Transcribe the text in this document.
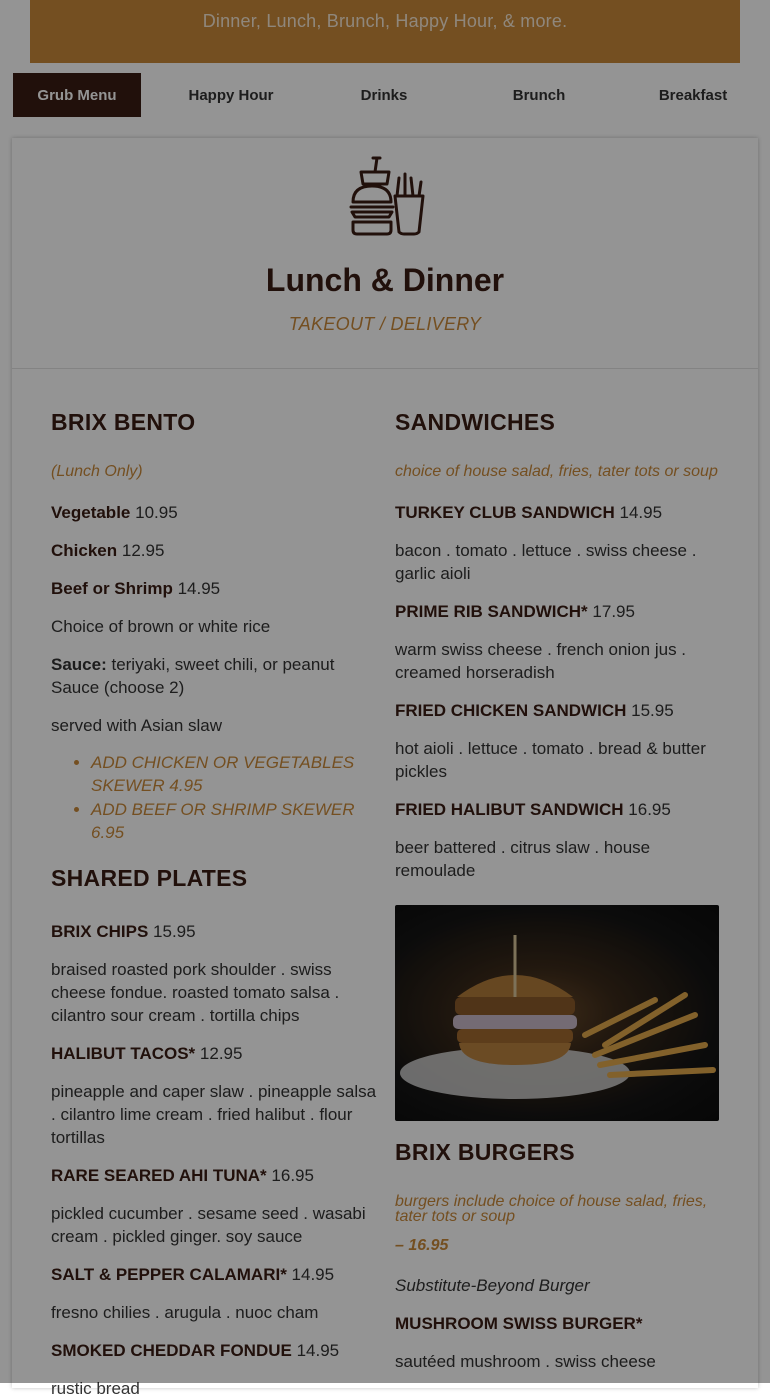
Dinner, Lunch, Brunch, Happy Hour, & more.
Grub Menu	Happy Hour	Drinks	Brunch	Breakfast
Lunch & Dinner
TAKEOUT / DELIVERY
BRIX BENTO
(Lunch Only)
Vegetable 10.95
Chicken 12.95
Beef or Shrimp 14.95
Choice of brown or white rice
Sauce: teriyaki, sweet chili, or peanut Sauce (choose 2)
served with Asian slaw
• ADD CHICKEN OR VEGETABLES SKEWER 4.95
• ADD BEEF OR SHRIMP SKEWER 6.95
SHARED PLATES
BRIX CHIPS 15.95
braised roasted pork shoulder . swiss cheese fondue. roasted tomato salsa . cilantro sour cream . tortilla chips
HALIBUT TACOS* 12.95
pineapple and caper slaw . pineapple salsa . cilantro lime cream . fried halibut . flour tortillas
RARE SEARED AHI TUNA* 16.95
pickled cucumber . sesame seed . wasabi cream . pickled ginger. soy sauce
SALT & PEPPER CALAMARI* 14.95
fresno chilies . arugula . nuoc cham
SMOKED CHEDDAR FONDUE 14.95
rustic bread
SANDWICHES
choice of house salad, fries, tater tots or soup
TURKEY CLUB SANDWICH 14.95
bacon . tomato . lettuce . swiss cheese . garlic aioli
PRIME RIB SANDWICH* 17.95
warm swiss cheese . french onion jus . creamed horseradish
FRIED CHICKEN SANDWICH 15.95
hot aioli . lettuce . tomato . bread & butter pickles
FRIED HALIBUT SANDWICH 16.95
beer battered . citrus slaw . house remoulade
BRIX BURGERS
burgers include choice of house salad, fries, tater tots or soup
– 16.95
Substitute-Beyond Burger
MUSHROOM SWISS BURGER*
sautéed mushroom . swiss cheese
